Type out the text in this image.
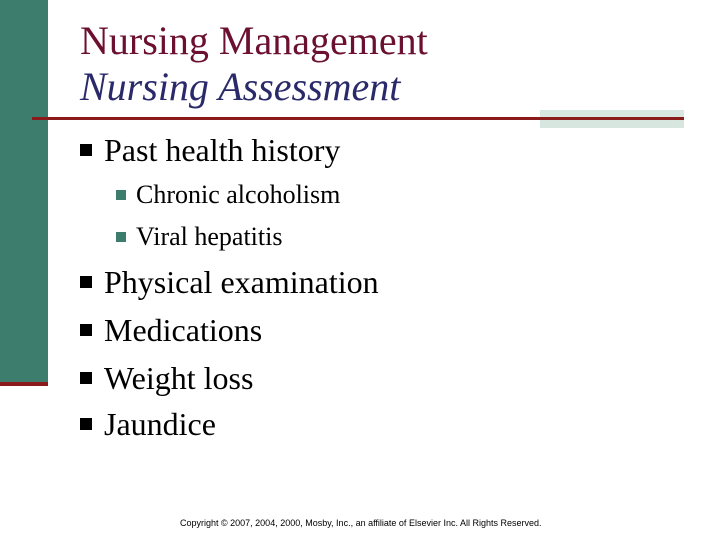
Nursing Management
Nursing Assessment
Past health history
Chronic alcoholism
Viral hepatitis
Physical examination
Medications
Weight loss
Jaundice
Copyright © 2007, 2004, 2000, Mosby, Inc., an affiliate of Elsevier Inc. All Rights Reserved.
